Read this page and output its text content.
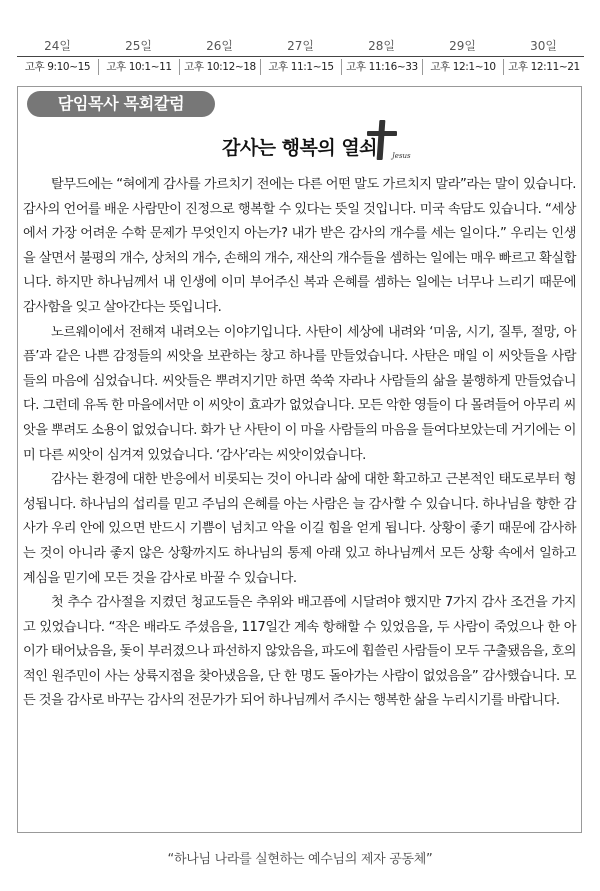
24일
고후 9:10~15
25일
고후 10:1~11
26일
고후 10:12~18
27일
고후 11:1~15
28일
고후 11:16~33
29일
고후 12:1~10
30일
고후 12:11~21
담임목사 목회칼럼
감사는 행복의 열쇠	Jesus

탈무드에는 “혀에게 감사를 가르치기 전에는 다른 어떤 말도 가르치지 말라”라는 말이 있습니다. 감사의 언어를 배운 사람만이 진정으로 행복할 수 있다는 뜻일 것입니다. 미국 속담도 있습니다. “세상에서 가장 어려운 수학 문제가 무엇인지 아는가? 내가 받은 감사의 개수를 세는 일이다.” 우리는 인생을 살면서 불평의 개수, 상처의 개수, 손해의 개수, 재산의 개수들을 셈하는 일에는 매우 빠르고 확실합니다. 하지만 하나님께서 내 인생에 이미 부어주신 복과 은혜를 셈하는 일에는 너무나 느리기 때문에 감사함을 잊고 살아간다는 뜻입니다.

노르웨이에서 전해져 내려오는 이야기입니다. 사탄이 세상에 내려와 ‘미움, 시기, 질투, 절망, 아픔’과 같은 나쁜 감정들의 씨앗을 보관하는 창고 하나를 만들었습니다. 사탄은 매일 이 씨앗들을 사람들의 마음에 심었습니다. 씨앗들은 뿌려지기만 하면 쑥쑥 자라나 사람들의 삶을 불행하게 만들었습니다. 그런데 유독 한 마을에서만 이 씨앗이 효과가 없었습니다. 모든 악한 영들이 다 몰려들어 아무리 씨앗을 뿌려도 소용이 없었습니다. 화가 난 사탄이 이 마을 사람들의 마음을 들여다보았는데 거기에는 이미 다른 씨앗이 심겨져 있었습니다. ‘감사’라는 씨앗이었습니다.

감사는 환경에 대한 반응에서 비롯되는 것이 아니라 삶에 대한 확고하고 근본적인 태도로부터 형성됩니다. 하나님의 섭리를 믿고 주님의 은혜를 아는 사람은 늘 감사할 수 있습니다. 하나님을 향한 감사가 우리 안에 있으면 반드시 기쁨이 넘치고 악을 이길 힘을 얻게 됩니다. 상황이 좋기 때문에 감사하는 것이 아니라 좋지 않은 상황까지도 하나님의 통제 아래 있고 하나님께서 모든 상황 속에서 일하고 계심을 믿기에 모든 것을 감사로 바꿀 수 있습니다.

첫 추수 감사절을 지켰던 청교도들은 추위와 배고픔에 시달려야 했지만 7가지 감사 조건을 가지고 있었습니다. “작은 배라도 주셨음을, 117일간 계속 항해할 수 있었음을, 두 사람이 죽었으나 한 아이가 태어났음을, 돛이 부러졌으나 파선하지 않았음을, 파도에 휩쓸린 사람들이 모두 구출됐음을, 호의적인 원주민이 사는 상륙지점을 찾아냈음을, 단 한 명도 돌아가는 사람이 없었음을” 감사했습니다. 모든 것을 감사로 바꾸는 감사의 전문가가 되어 하나님께서 주시는 행복한 삶을 누리시기를 바랍니다.

“하나님 나라를 실현하는 예수님의 제자 공동체”
